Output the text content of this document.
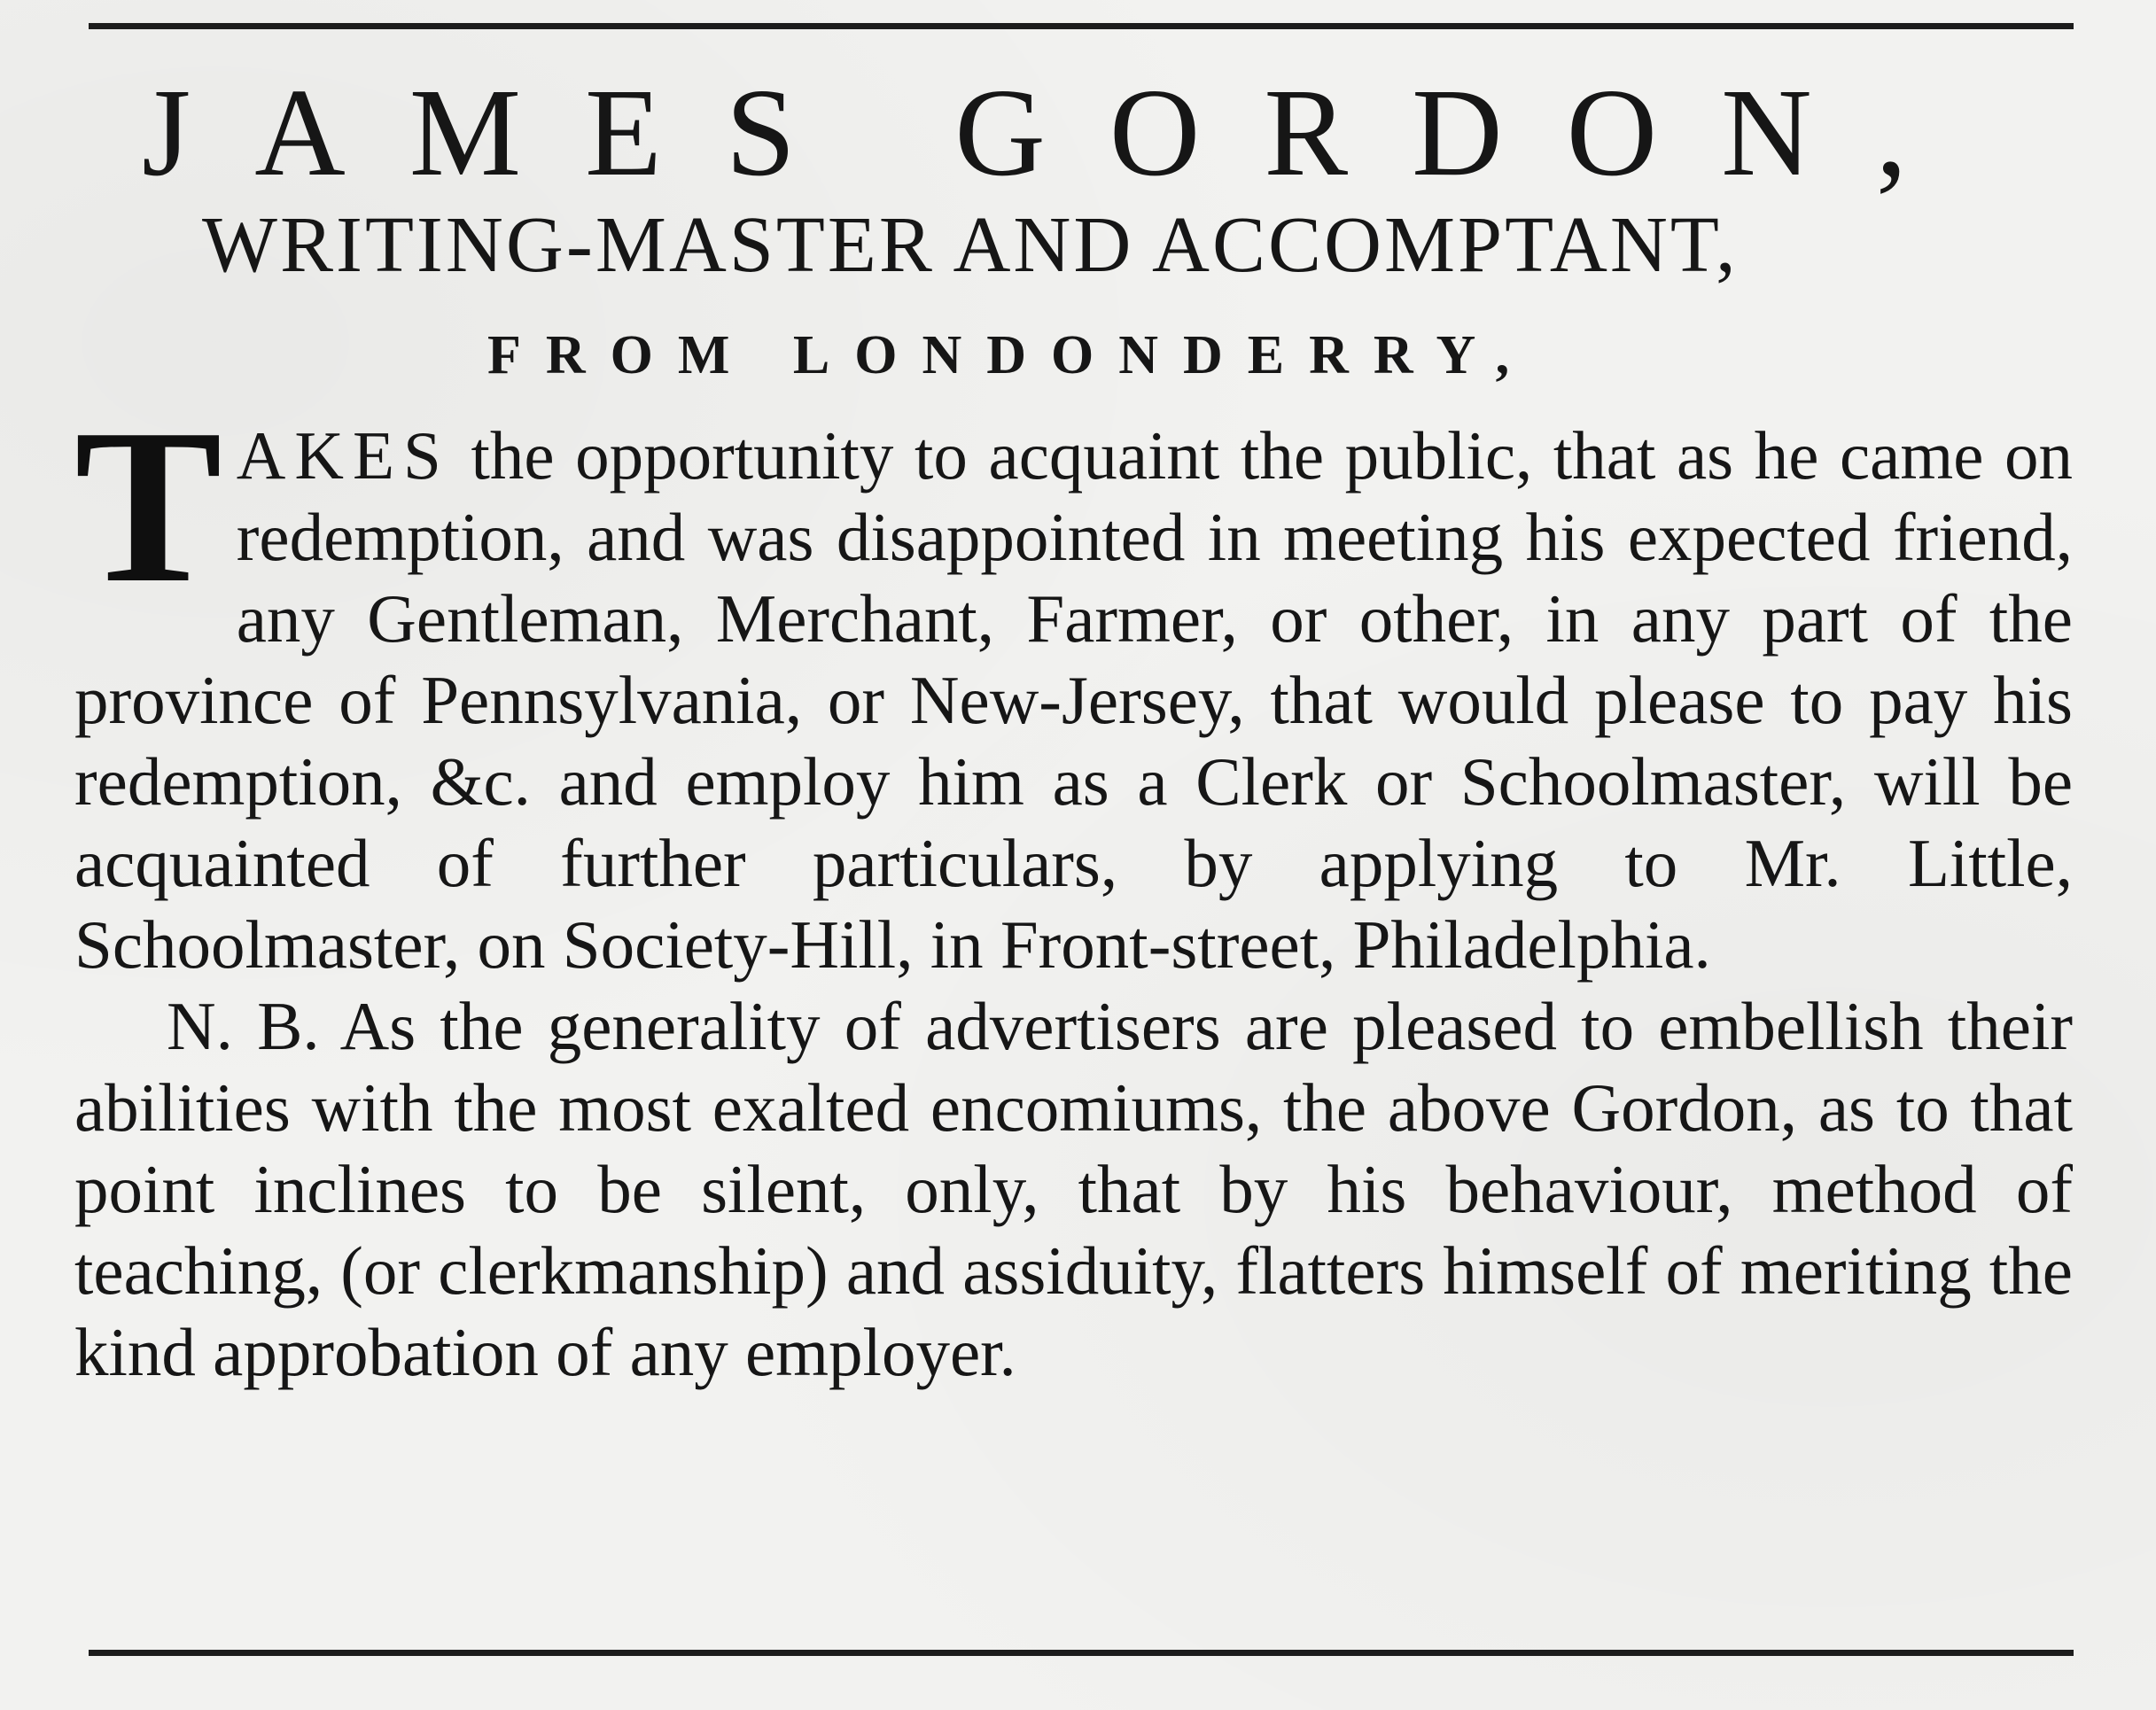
JAMES GORDON,
WRITING-MASTER AND ACCOMPTANT,
FROM LONDONDERRY,

T AKES the opportunity to acquaint the public, that as he came on redemption, and was disappointed in meeting his expected friend, any Gentleman, Merchant, Farmer, or other, in any part of the province of Pennsylvania, or New-Jersey, that would please to pay his redemption, &c. and employ him as a Clerk or Schoolmaster, will be acquainted of further particulars, by applying to Mr. Little, Schoolmaster, on Society-Hill, in Front-street, Philadelphia.

N. B. As the generality of advertisers are pleased to embellish their abilities with the most exalted encomiums, the above Gordon, as to that point inclines to be silent, only, that by his behaviour, method of teaching, (or clerkmanship) and assiduity, flatters himself of meriting the kind approbation of any employer.
